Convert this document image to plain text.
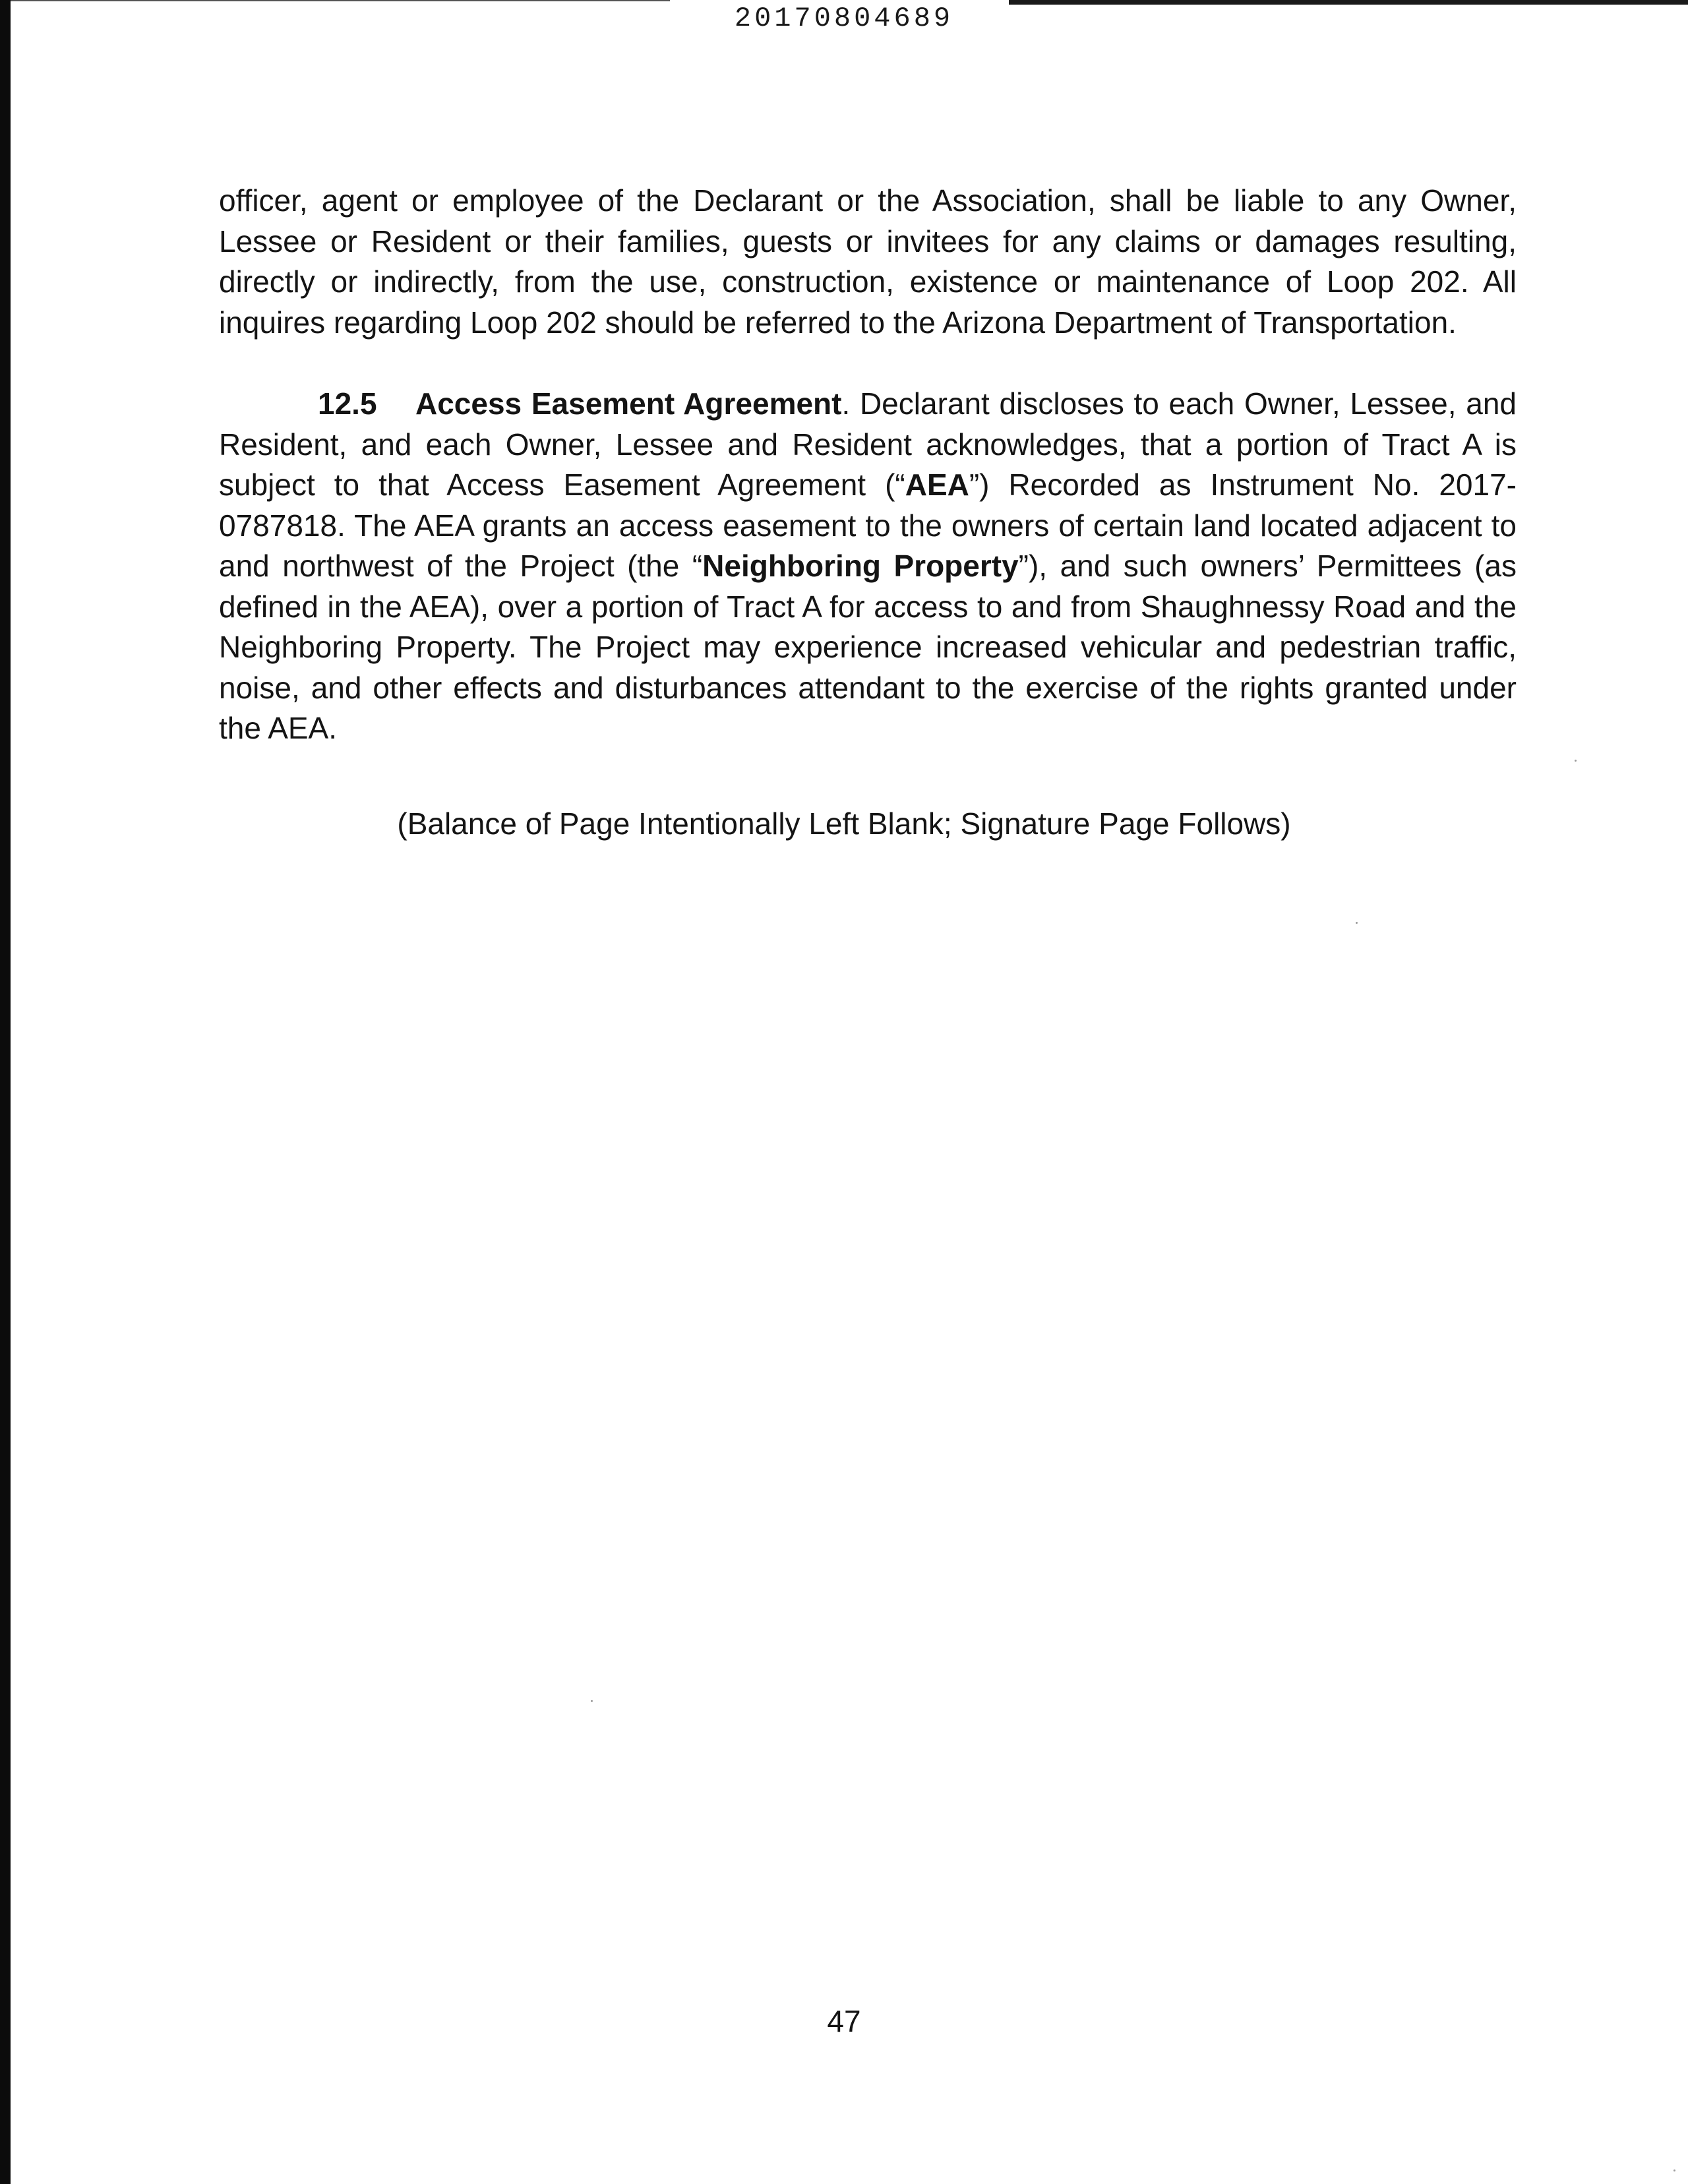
20170804689

officer, agent or employee of the Declarant or the Association, shall be liable to any Owner, Lessee or Resident or their families, guests or invitees for any claims or damages resulting, directly or indirectly, from the use, construction, existence or maintenance of Loop 202. All inquires regarding Loop 202 should be referred to the Arizona Department of Transportation.

12.5 Access Easement Agreement. Declarant discloses to each Owner, Lessee, and Resident, and each Owner, Lessee and Resident acknowledges, that a portion of Tract A is subject to that Access Easement Agreement (“AEA”) Recorded as Instrument No. 2017-0787818. The AEA grants an access easement to the owners of certain land located adjacent to and northwest of the Project (the “Neighboring Property”), and such owners’ Permittees (as defined in the AEA), over a portion of Tract A for access to and from Shaughnessy Road and the Neighboring Property. The Project may experience increased vehicular and pedestrian traffic, noise, and other effects and disturbances attendant to the exercise of the rights granted under the AEA.

(Balance of Page Intentionally Left Blank; Signature Page Follows)
47
